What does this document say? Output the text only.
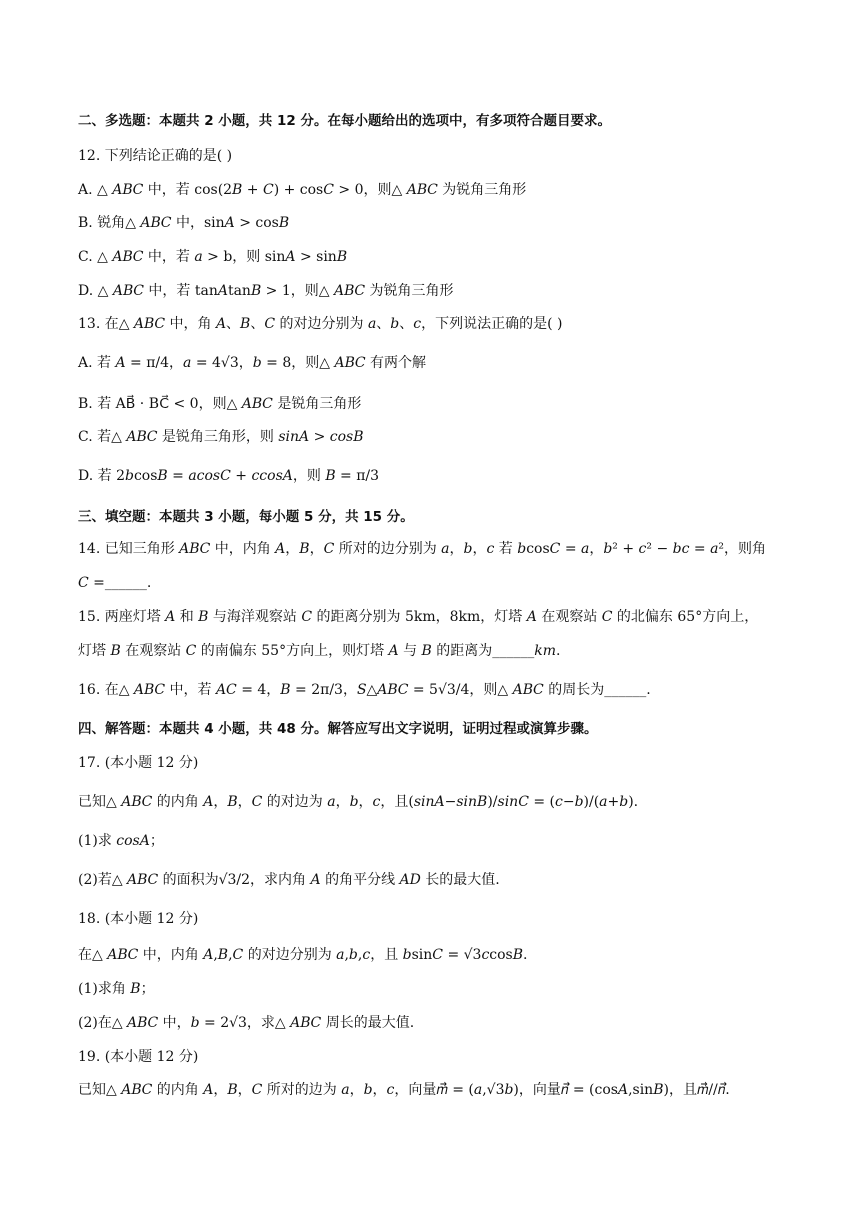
二、多选题：本题共 2 小题，共 12 分。在每小题给出的选项中，有多项符合题目要求。
12. 下列结论正确的是( )
A. △ 𝐴𝐵𝐶 中，若 cos(2𝐵 + 𝐶) + cos𝐶 > 0，则△ 𝐴𝐵𝐶 为锐角三角形
B. 锐角△ 𝐴𝐵𝐶 中，sin𝐴 > cos𝐵
C. △ 𝐴𝐵𝐶 中，若 𝑎 > b，则 sin𝐴 > sin𝐵
D. △ 𝐴𝐵𝐶 中，若 tan𝐴tan𝐵 > 1，则△ 𝐴𝐵𝐶 为锐角三角形
13. 在△ 𝐴𝐵𝐶 中，角 𝐴、𝐵、𝐶 的对边分别为 𝑎、𝑏、𝑐，下列说法正确的是( )
A. 若 𝐴 = π/4，𝑎 = 4√3，𝑏 = 8，则△ 𝐴𝐵𝐶 有两个解
B. 若 AB⃗ · BC⃗ < 0，则△ 𝐴𝐵𝐶 是锐角三角形
C. 若△ 𝐴𝐵𝐶 是锐角三角形，则 𝑠𝑖𝑛𝐴 > 𝑐𝑜𝑠𝐵
D. 若 2𝑏cos𝐵 = 𝑎𝑐𝑜𝑠𝐶 + 𝑐𝑐𝑜𝑠𝐴，则 𝐵 = π/3
三、填空题：本题共 3 小题，每小题 5 分，共 15 分。
14. 已知三角形 𝐴𝐵𝐶 中，内角 𝐴，𝐵，𝐶 所对的边分别为 𝑎，𝑏，𝑐 若 𝑏cos𝐶 = 𝑎，𝑏² + 𝑐² − 𝑏𝑐 = 𝑎²，则角
𝐶 =______.
15. 两座灯塔 𝐴 和 𝐵 与海洋观察站 𝐶 的距离分别为 5km，8km，灯塔 𝐴 在观察站 𝐶 的北偏东 65°方向上，
灯塔 𝐵 在观察站 𝐶 的南偏东 55°方向上，则灯塔 𝐴 与 𝐵 的距离为______𝑘𝑚.
16. 在△ 𝐴𝐵𝐶 中，若 𝐴𝐶 = 4，𝐵 = 2π/3，𝑆△𝐴𝐵𝐶 = 5√3/4，则△ 𝐴𝐵𝐶 的周长为______.
四、解答题：本题共 4 小题，共 48 分。解答应写出文字说明，证明过程或演算步骤。
17. (本小题 12 分)
已知△ 𝐴𝐵𝐶 的内角 𝐴，𝐵，𝐶 的对边为 𝑎，𝑏，𝑐，且(𝑠𝑖𝑛𝐴−𝑠𝑖𝑛𝐵)/𝑠𝑖𝑛𝐶 = (𝑐−𝑏)/(𝑎+𝑏).
(1)求 𝑐𝑜𝑠𝐴；
(2)若△ 𝐴𝐵𝐶 的面积为√3/2，求内角 𝐴 的角平分线 𝐴𝐷 长的最大值.
18. (本小题 12 分)
在△ 𝐴𝐵𝐶 中，内角 𝐴,𝐵,𝐶 的对边分别为 𝑎,𝑏,𝑐，且 𝑏sin𝐶 = √3𝑐cos𝐵.
(1)求角 𝐵；
(2)在△ 𝐴𝐵𝐶 中，𝑏 = 2√3，求△ 𝐴𝐵𝐶 周长的最大值.
19. (本小题 12 分)
已知△ 𝐴𝐵𝐶 的内角 𝐴，𝐵，𝐶 所对的边为 𝑎，𝑏，𝑐，向量𝑚⃗ = (𝑎,√3𝑏)，向量𝑛⃗ = (cos𝐴,sin𝐵)，且𝑚⃗//𝑛⃗.
